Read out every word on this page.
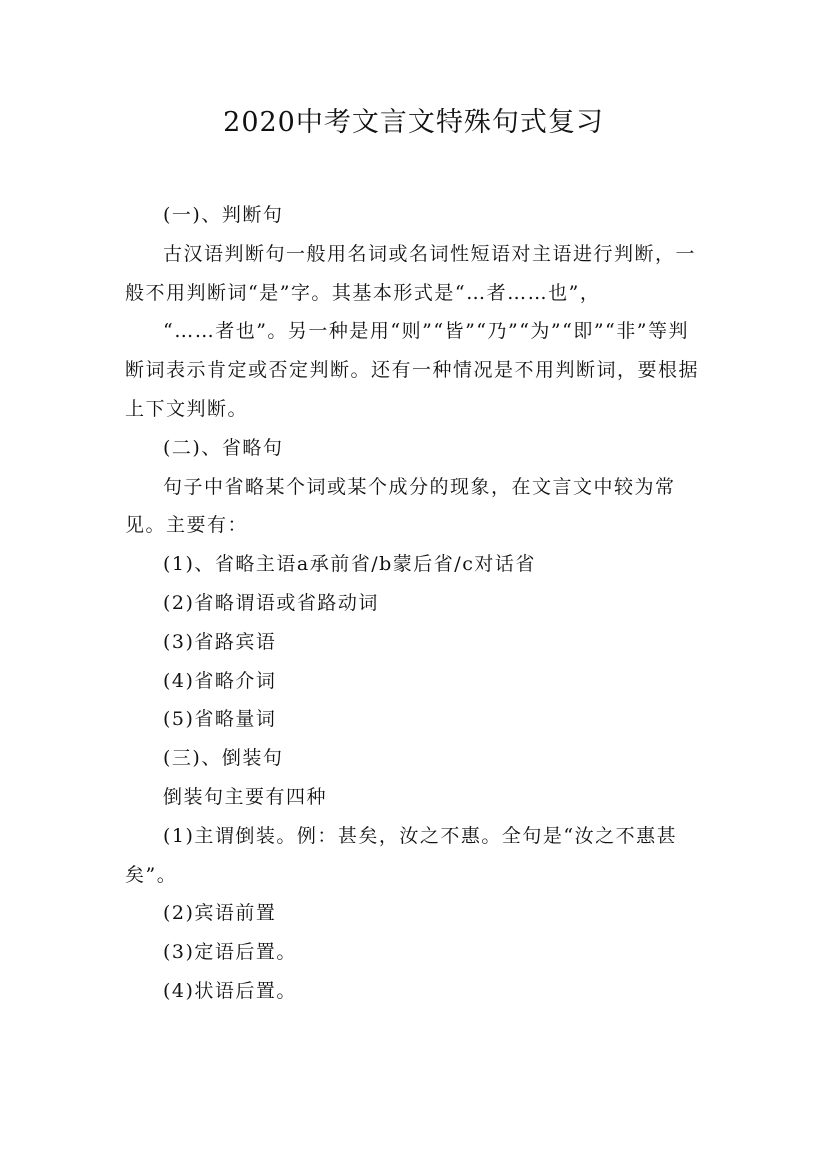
2020中考文言文特殊句式复习

(一)、判断句

古汉语判断句一般用名词或名词性短语对主语进行判断，一般不用判断词“是”字。其基本形式是“…者……也”，

“……者也”。另一种是用“则”“皆”“乃”“为”“即”“非”等判断词表示肯定或否定判断。还有一种情况是不用判断词，要根据上下文判断。

(二)、省略句

句子中省略某个词或某个成分的现象，在文言文中较为常见。主要有：

(1)、省略主语a承前省/b蒙后省/c对话省

(2)省略谓语或省路动词

(3)省路宾语

(4)省略介词

(5)省略量词

(三)、倒装句

倒装句主要有四种

(1)主谓倒装。例：甚矣，汝之不惠。全句是“汝之不惠甚矣”。

(2)宾语前置

(3)定语后置。

(4)状语后置。
